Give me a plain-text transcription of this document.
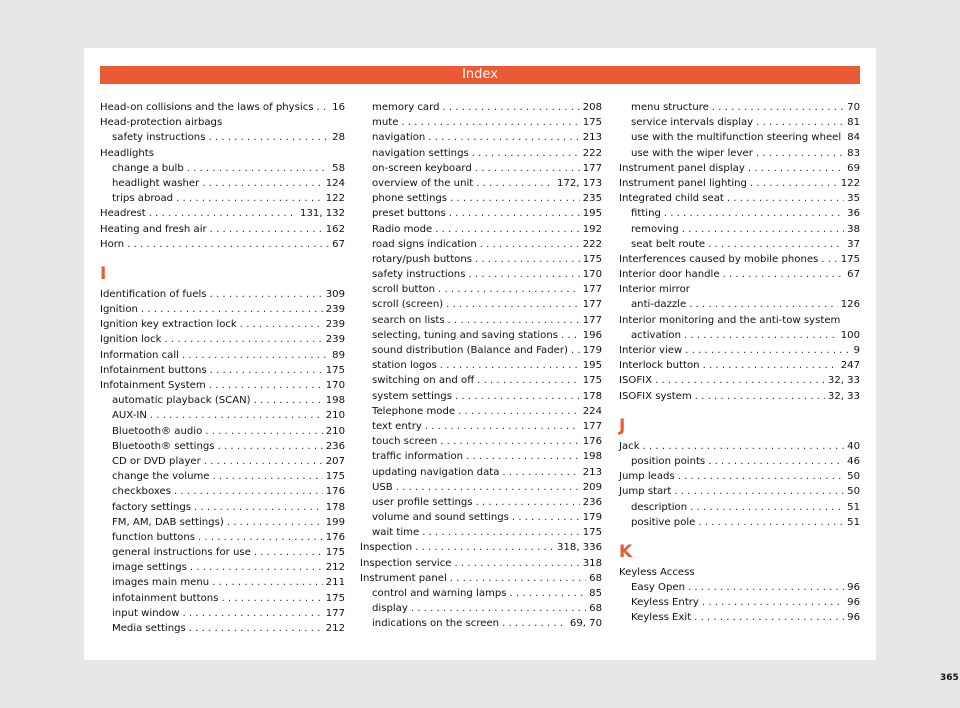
Index
Head-on collisions and the laws of physics . . . 16
Head-protection airbags
safety instructions . . .	28
Headlights
change a bulb . . .	58
headlight washer . . .	124
trips abroad . . .	122
Headrest . . .	131, 132
Heating and fresh air . . .	162
Horn . . .	67
I
Identification of fuels . . .	309
Ignition . . .	239
Ignition key extraction lock . . .	239
Ignition lock . . .	239
Information call . . .	89
Infotainment buttons . . .	175
Infotainment System . . .	170
automatic playback (SCAN) . . .	198
AUX-IN . . .	210
Bluetooth® audio . . .	210
Bluetooth® settings . . .	236
CD or DVD player . . .	207
change the volume . . .	175
checkboxes . . .	176
factory settings . . .	178
FM, AM, DAB settings) . . .	199
function buttons . . .	176
general instructions for use . . .	175
image settings . . .	212
images main menu . . .	211
infotainment buttons . . .	175
input window . . .	177
Media settings . . .	212
memory card . . .	208
mute . . .	175
navigation . . .	213
navigation settings . . .	222
on-screen keyboard . . .	177
overview of the unit . . .	172, 173
phone settings . . .	235
preset buttons . . .	195
Radio mode . . .	192
road signs indication . . .	222
rotary/push buttons . . .	175
safety instructions . . .	170
scroll button . . .	177
scroll (screen) . . .	177
search on lists . . .	177
selecting, tuning and saving stations . . . 196
sound distribution (Balance and Fader) . . . 179
station logos . . .	195
switching on and off . . .	175
system settings . . .	178
Telephone mode . . .	224
text entry . . .	177
touch screen . . .	176
traffic information . . .	198
updating navigation data . . .	213
USB . . .	209
user profile settings . . .	236
volume and sound settings . . .	179
wait time . . .	175
Inspection . . .	318, 336
Inspection service . . .	318
Instrument panel . . .	68
control and warning lamps . . .	85
display . . .	68
indications on the screen . . .	69, 70
menu structure . . .	70
service intervals display . . .	81
use with the multifunction steering wheel 84
use with the wiper lever . . .	83
Instrument panel display . . .	69
Instrument panel lighting . . .	122
Integrated child seat . . .	35
fitting . . .	36
removing . . .	38
seat belt route . . .	37
Interferences caused by mobile phones . . . 175
Interior door handle . . .	67
Interior mirror
anti-dazzle . . .	126
Interior monitoring and the anti-tow system
activation . . .	100
Interior view . . .	9
Interlock button . . .	247
ISOFIX . . .	32, 33
ISOFIX system . . .	32, 33
J
Jack . . .	40
position points . . .	46
Jump leads . . .	50
Jump start . . .	50
description . . .	51
positive pole . . .	51
K
Keyless Access
Easy Open . . .	96
Keyless Entry . . .	96
Keyless Exit . . .	96
365
